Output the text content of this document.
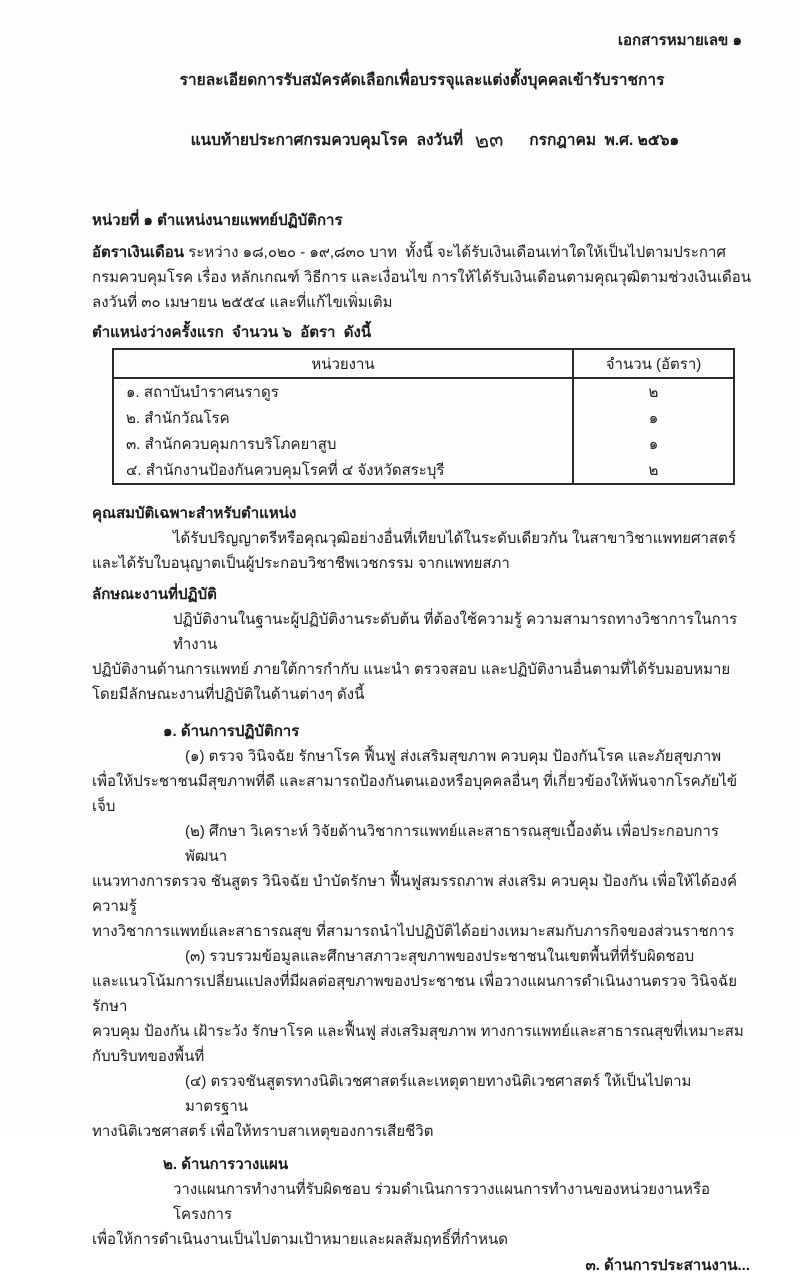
เอกสารหมายเลข ๑
รายละเอียดการรับสมัครคัดเลือกเพื่อบรรจุและแต่งตั้งบุคคลเข้ารับราชการ

แนบท้ายประกาศกรมควบคุมโรค  ลงวันที่ ๒๓ กรกฎาคม  พ.ศ. ๒๕๖๑

หน่วยที่ ๑ ตำแหน่งนายแพทย์ปฏิบัติการ
อัตราเงินเดือน ระหว่าง ๑๘,๐๒๐ - ๑๙,๘๓๐ บาท  ทั้งนี้ จะได้รับเงินเดือนเท่าใดให้เป็นไปตามประกาศ
กรมควบคุมโรค เรื่อง หลักเกณฑ์ วิธีการ และเงื่อนไข การให้ได้รับเงินเดือนตามคุณวุฒิตามช่วงเงินเดือน
ลงวันที่ ๓๐ เมษายน ๒๕๕๔ และที่แก้ไขเพิ่มเติม
ตำแหน่งว่างครั้งแรก  จำนวน ๖  อัตรา  ดังนี้
หน่วยงาน	จำนวน (อัตรา)
๑. สถาบันบำราศนราดูร	๒
๒. สำนักวัณโรค	๑
๓. สำนักควบคุมการบริโภคยาสูบ	๑
๔. สำนักงานป้องกันควบคุมโรคที่ ๔ จังหวัดสระบุรี	๒
คุณสมบัติเฉพาะสำหรับตำแหน่ง
ได้รับปริญญาตรีหรือคุณวุฒิอย่างอื่นที่เทียบได้ในระดับเดียวกัน ในสาขาวิชาแพทยศาสตร์
และได้รับใบอนุญาตเป็นผู้ประกอบวิชาชีพเวชกรรม จากแพทยสภา
ลักษณะงานที่ปฏิบัติ
ปฏิบัติงานในฐานะผู้ปฏิบัติงานระดับต้น ที่ต้องใช้ความรู้ ความสามารถทางวิชาการในการทำงาน
ปฏิบัติงานด้านการแพทย์ ภายใต้การกำกับ แนะนำ ตรวจสอบ และปฏิบัติงานอื่นตามที่ได้รับมอบหมาย
โดยมีลักษณะงานที่ปฏิบัติในด้านต่างๆ ดังนี้
๑. ด้านการปฏิบัติการ
(๑) ตรวจ วินิจฉัย รักษาโรค ฟื้นฟู ส่งเสริมสุขภาพ ควบคุม ป้องกันโรค และภัยสุขภาพ
เพื่อให้ประชาชนมีสุขภาพที่ดี และสามารถป้องกันตนเองหรือบุคคลอื่นๆ ที่เกี่ยวข้องให้พ้นจากโรคภัยไข้เจ็บ
(๒) ศึกษา วิเคราะห์ วิจัยด้านวิชาการแพทย์และสาธารณสุขเบื้องต้น เพื่อประกอบการพัฒนา
แนวทางการตรวจ ชันสูตร วินิจฉัย บำบัดรักษา ฟื้นฟูสมรรถภาพ ส่งเสริม ควบคุม ป้องกัน เพื่อให้ได้องค์ความรู้
ทางวิชาการแพทย์และสาธารณสุข ที่สามารถนำไปปฏิบัติได้อย่างเหมาะสมกับภารกิจของส่วนราชการ
(๓) รวบรวมข้อมูลและศึกษาสภาวะสุขภาพของประชาชนในเขตพื้นที่ที่รับผิดชอบ
และแนวโน้มการเปลี่ยนแปลงที่มีผลต่อสุขภาพของประชาชน เพื่อวางแผนการดำเนินงานตรวจ วินิจฉัย รักษา
ควบคุม ป้องกัน เฝ้าระวัง รักษาโรค และฟื้นฟู ส่งเสริมสุขภาพ ทางการแพทย์และสาธารณสุขที่เหมาะสม
กับบริบทของพื้นที่
(๔) ตรวจชันสูตรทางนิติเวชศาสตร์และเหตุตายทางนิติเวชศาสตร์ ให้เป็นไปตามมาตรฐาน
ทางนิติเวชศาสตร์ เพื่อให้ทราบสาเหตุของการเสียชีวิต
๒. ด้านการวางแผน
วางแผนการทำงานที่รับผิดชอบ ร่วมดำเนินการวางแผนการทำงานของหน่วยงานหรือโครงการ
เพื่อให้การดำเนินงานเป็นไปตามเป้าหมายและผลสัมฤทธิ์ที่กำหนด
๓. ด้านการประสานงาน...
